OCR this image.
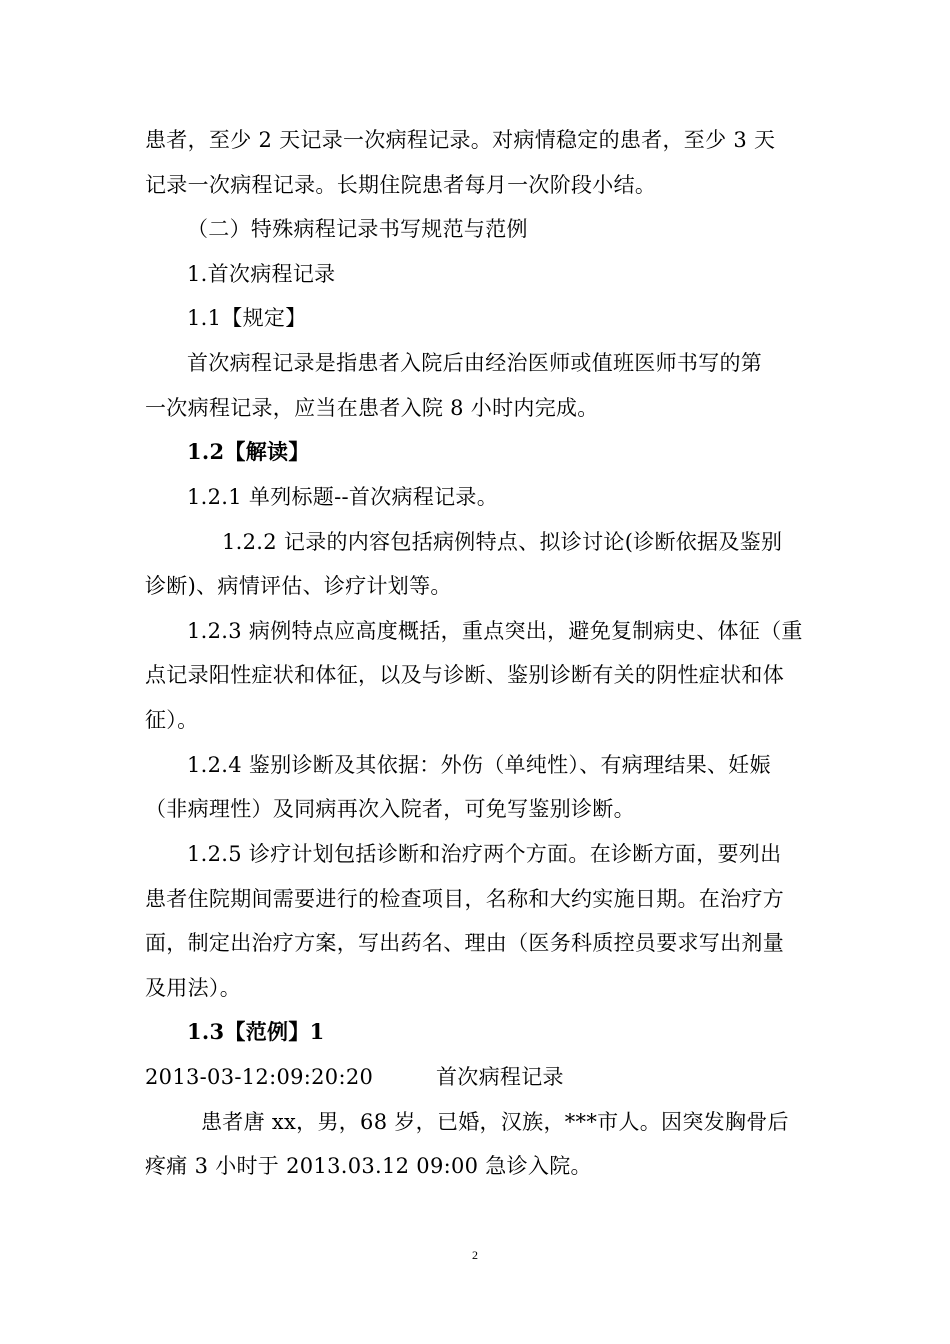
患者，至少 2 天记录一次病程记录。对病情稳定的患者，至少 3 天
记录一次病程记录。长期住院患者每月一次阶段小结。
（二）特殊病程记录书写规范与范例
1.首次病程记录
1.1【规定】
首次病程记录是指患者入院后由经治医师或值班医师书写的第
一次病程记录，应当在患者入院 8 小时内完成。
1.2【解读】
1.2.1 单列标题--首次病程记录。
1.2.2 记录的内容包括病例特点、拟诊讨论(诊断依据及鉴别
诊断)、病情评估、诊疗计划等。
1.2.3 病例特点应高度概括，重点突出，避免复制病史、体征（重
点记录阳性症状和体征，以及与诊断、鉴别诊断有关的阴性症状和体
征）。
1.2.4 鉴别诊断及其依据：外伤（单纯性）、有病理结果、妊娠
（非病理性）及同病再次入院者，可免写鉴别诊断。
1.2.5 诊疗计划包括诊断和治疗两个方面。在诊断方面，要列出
患者住院期间需要进行的检查项目，名称和大约实施日期。在治疗方
面，制定出治疗方案，写出药名、理由（医务科质控员要求写出剂量
及用法）。
1.3【范例】1
2013-03-12:09:20:20	首次病程记录
患者唐 xx，男，68 岁，已婚，汉族，***市人。因突发胸骨后
疼痛 3 小时于 2013.03.12 09:00 急诊入院。
2
